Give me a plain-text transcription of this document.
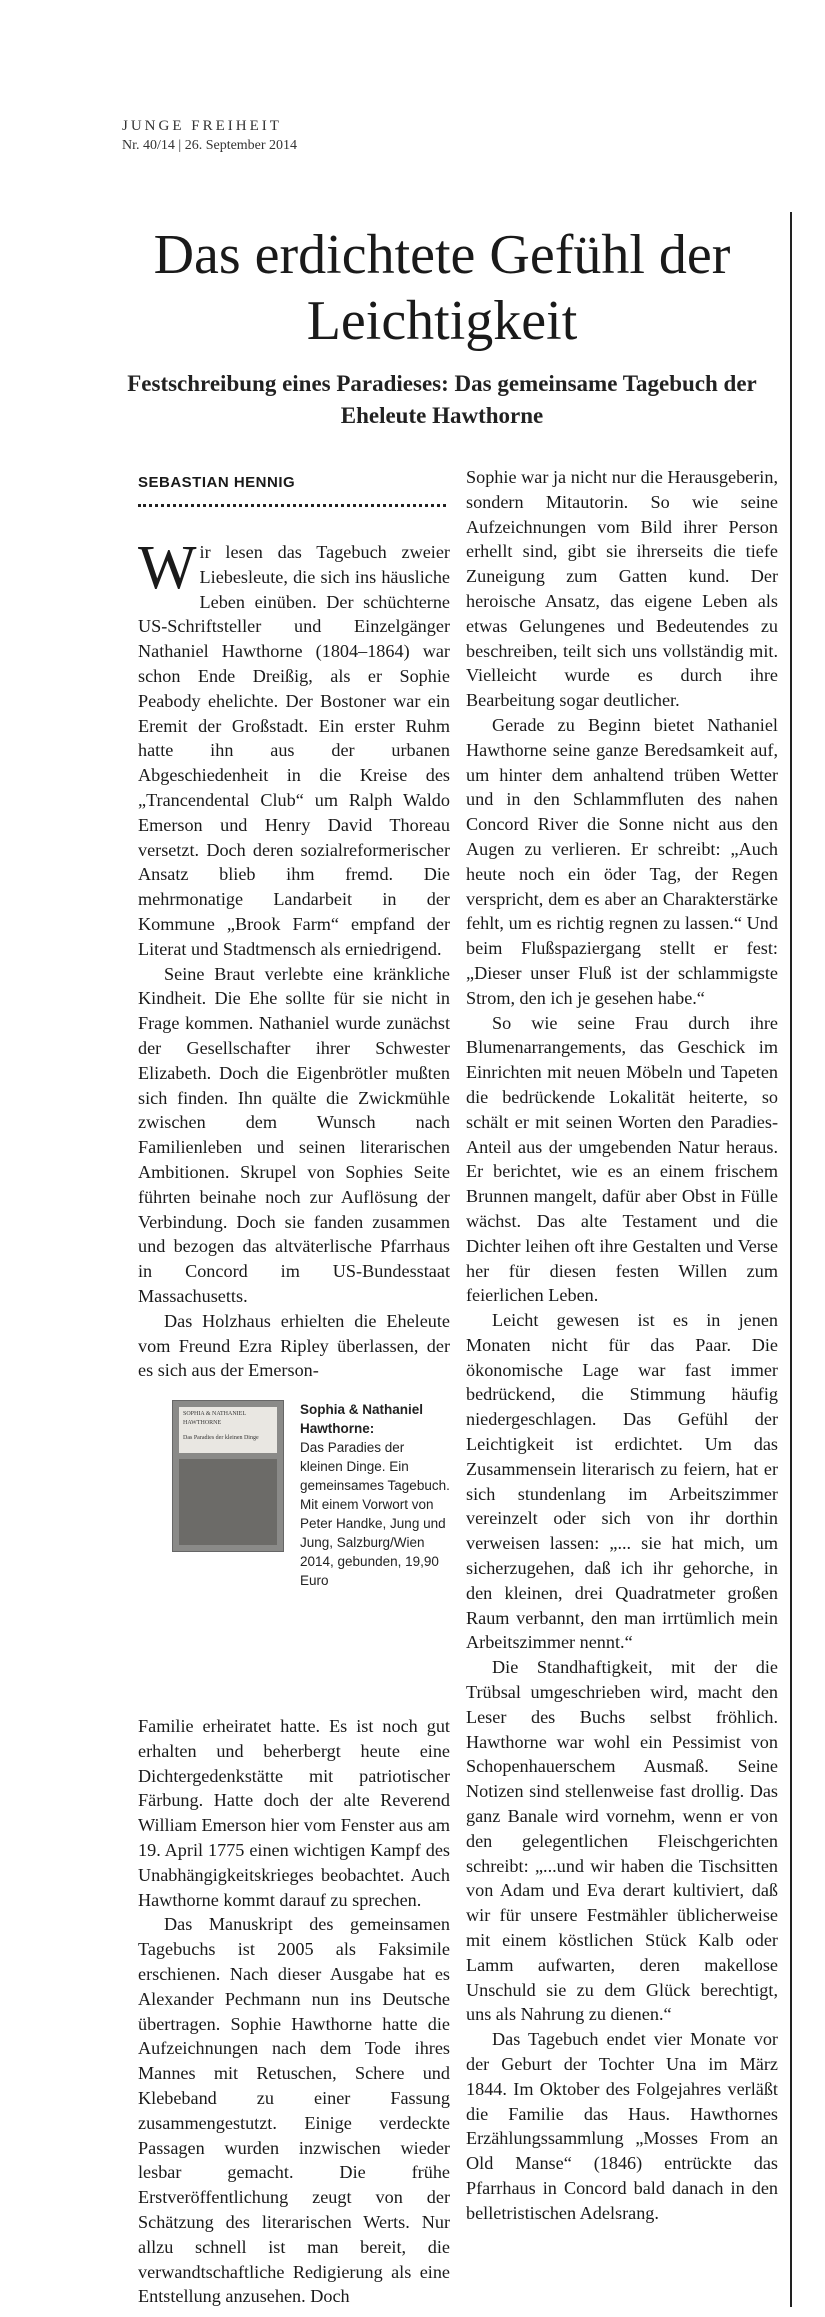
JUNGE FREIHEIT
Nr. 40/14 | 26. September 2014
Das erdichtete Gefühl der Leichtigkeit
Festschreibung eines Paradieses: Das gemeinsame Tagebuch der Eheleute Hawthorne
SEBASTIAN HENNIG

Wir lesen das Tagebuch zweier Liebesleute, die sich ins häusliche Leben einüben. Der schüchterne US-Schriftsteller und Einzelgänger Nathaniel Hawthorne (1804–1864) war schon Ende Dreißig, als er Sophie Peabody ehelichte. Der Bostoner war ein Eremit der Großstadt. Ein erster Ruhm hatte ihn aus der urbanen Abgeschiedenheit in die Kreise des „Trancendental Club“ um Ralph Waldo Emerson und Henry David Thoreau versetzt. Doch deren sozialreformerischer Ansatz blieb ihm fremd. Die mehrmonatige Landarbeit in der Kommune „Brook Farm“ empfand der Literat und Stadtmensch als erniedrigend.

Seine Braut verlebte eine kränkliche Kindheit. Die Ehe sollte für sie nicht in Frage kommen. Nathaniel wurde zunächst der Gesellschafter ihrer Schwester Elizabeth. Doch die Eigenbrötler mußten sich finden. Ihn quälte die Zwickmühle zwischen dem Wunsch nach Familienleben und seinen literarischen Ambitionen. Skrupel von Sophies Seite führten beinahe noch zur Auflösung der Verbindung. Doch sie fanden zusammen und bezogen das altväterlische Pfarrhaus in Concord im US-Bundesstaat Massachusetts.

Das Holzhaus erhielten die Eheleute vom Freund Ezra Ripley überlassen, der es sich aus der Emerson-

SOPHIA & NATHANIEL HAWTHORNE
Das Paradies der kleinen Dinge
Sophia & Nathaniel Hawthorne:
Das Paradies der kleinen Dinge. Ein gemeinsames Tagebuch. Mit einem Vorwort von Peter Handke, Jung und Jung, Salzburg/Wien 2014, gebunden, 19,90 Euro

Familie erheiratet hatte. Es ist noch gut erhalten und beherbergt heute eine Dichtergedenkstätte mit patriotischer Färbung. Hatte doch der alte Reverend William Emerson hier vom Fenster aus am 19. April 1775 einen wichtigen Kampf des Unabhängigkeitskrieges beobachtet. Auch Hawthorne kommt darauf zu sprechen.

Das Manuskript des gemeinsamen Tagebuchs ist 2005 als Faksimile erschienen. Nach dieser Ausgabe hat es Alexander Pechmann nun ins Deutsche übertragen. Sophie Hawthorne hatte die Aufzeichnungen nach dem Tode ihres Mannes mit Retuschen, Schere und Klebeband zu einer Fassung zusammengestutzt. Einige verdeckte Passagen wurden inzwischen wieder lesbar gemacht. Die frühe Erstveröffentlichung zeugt von der Schätzung des literarischen Werts. Nur allzu schnell ist man bereit, die verwandtschaftliche Redigierung als eine Entstellung anzusehen. Doch

Sophie war ja nicht nur die Herausgeberin, sondern Mitautorin. So wie seine Aufzeichnungen vom Bild ihrer Person erhellt sind, gibt sie ihrerseits die tiefe Zuneigung zum Gatten kund. Der heroische Ansatz, das eigene Leben als etwas Gelungenes und Bedeutendes zu beschreiben, teilt sich uns vollständig mit. Vielleicht wurde es durch ihre Bearbeitung sogar deutlicher.

Gerade zu Beginn bietet Nathaniel Hawthorne seine ganze Beredsamkeit auf, um hinter dem anhaltend trüben Wetter und in den Schlammfluten des nahen Concord River die Sonne nicht aus den Augen zu verlieren. Er schreibt: „Auch heute noch ein öder Tag, der Regen verspricht, dem es aber an Charakterstärke fehlt, um es richtig regnen zu lassen.“ Und beim Flußspaziergang stellt er fest: „Dieser unser Fluß ist der schlammigste Strom, den ich je gesehen habe.“

So wie seine Frau durch ihre Blumenarrangements, das Geschick im Einrichten mit neuen Möbeln und Tapeten die bedrückende Lokalität heiterte, so schält er mit seinen Worten den Paradies-Anteil aus der umgebenden Natur heraus. Er berichtet, wie es an einem frischem Brunnen mangelt, dafür aber Obst in Fülle wächst. Das alte Testament und die Dichter leihen oft ihre Gestalten und Verse her für diesen festen Willen zum feierlichen Leben.

Leicht gewesen ist es in jenen Monaten nicht für das Paar. Die ökonomische Lage war fast immer bedrückend, die Stimmung häufig niedergeschlagen. Das Gefühl der Leichtigkeit ist erdichtet. Um das Zusammensein literarisch zu feiern, hat er sich stundenlang im Arbeitszimmer vereinzelt oder sich von ihr dorthin verweisen lassen: „... sie hat mich, um sicherzugehen, daß ich ihr gehorche, in den kleinen, drei Quadratmeter großen Raum verbannt, den man irrtümlich mein Arbeitszimmer nennt.“

Die Standhaftigkeit, mit der die Trübsal umgeschrieben wird, macht den Leser des Buchs selbst fröhlich. Hawthorne war wohl ein Pessimist von Schopenhauerschem Ausmaß. Seine Notizen sind stellenweise fast drollig. Das ganz Banale wird vornehm, wenn er von den gelegentlichen Fleischgerichten schreibt: „...und wir haben die Tischsitten von Adam und Eva derart kultiviert, daß wir für unsere Festmähler üblicherweise mit einem köstlichen Stück Kalb oder Lamm aufwarten, deren makellose Unschuld sie zu dem Glück berechtigt, uns als Nahrung zu dienen.“

Das Tagebuch endet vier Monate vor der Geburt der Tochter Una im März 1844. Im Oktober des Folgejahres verläßt die Familie das Haus. Hawthornes Erzählungssammlung „Mosses From an Old Manse“ (1846) entrückte das Pfarrhaus in Concord bald danach in den belletristischen Adelsrang.
